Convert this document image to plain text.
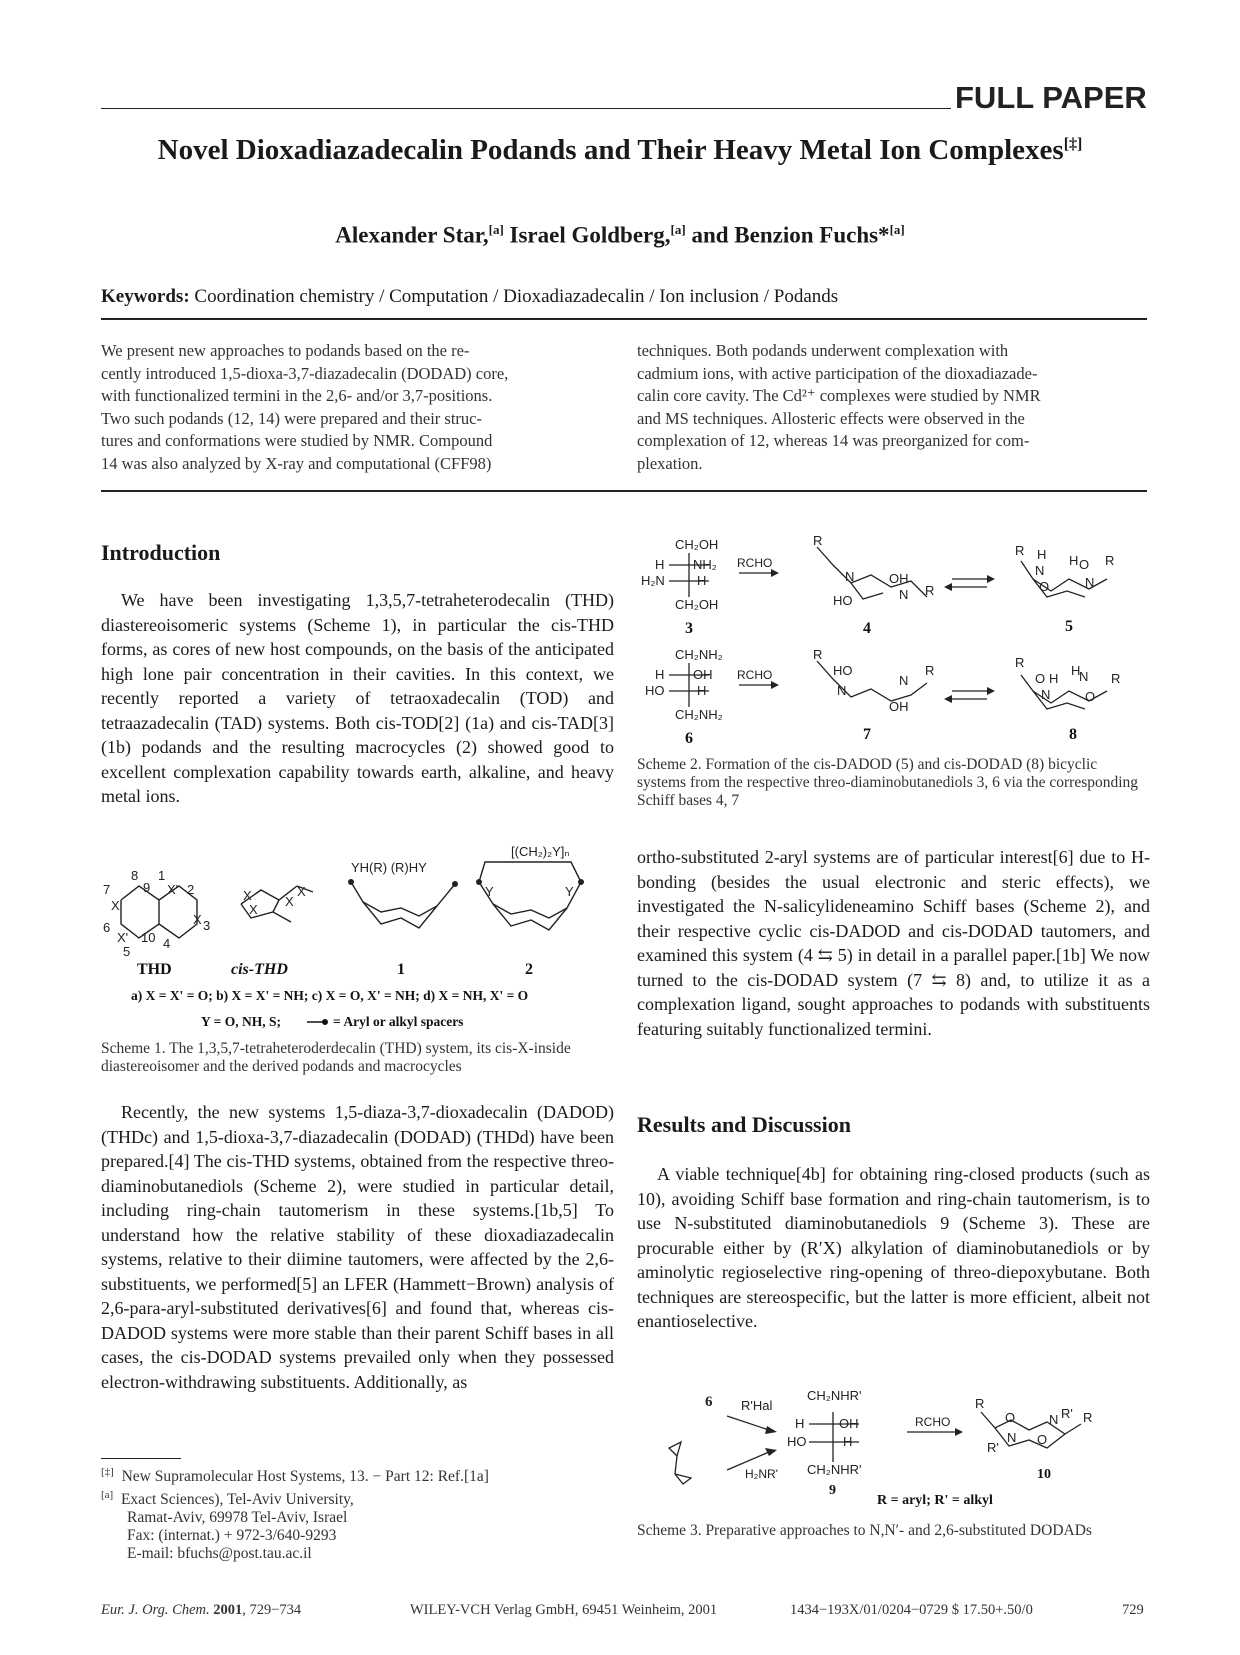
FULL PAPER
Novel Dioxadiazadecalin Podands and Their Heavy Metal Ion Complexes[‡]
Alexander Star,[a] Israel Goldberg,[a] and Benzion Fuchs*[a]
Keywords: Coordination chemistry / Computation / Dioxadiazadecalin / Ion inclusion / Podands

We present new approaches to podands based on the re-

cently introduced 1,5-dioxa-3,7-diazadecalin (DODAD) core,

with functionalized termini in the 2,6- and/or 3,7-positions.

Two such podands (12, 14) were prepared and their struc-

tures and conformations were studied by NMR. Compound

14 was also analyzed by X-ray and computational (CFF98)

techniques. Both podands underwent complexation with

cadmium ions, with active participation of the dioxadiazade-

calin core cavity. The Cd²⁺ complexes were studied by NMR

and MS techniques. Allosteric effects were observed in the

complexation of 12, whereas 14 was preorganized for com-

plexation.

Introduction

We have been investigating 1,3,5,7-tetraheterodecalin (THD) diastereoisomeric systems (Scheme 1), in particular the cis-THD forms, as cores of new host compounds, on the basis of the anticipated high lone pair concentration in their cavities. In this context, we recently reported a variety of tetraoxadecalin (TOD) and tetraazadecalin (TAD) systems. Both cis-TOD[2] (1a) and cis-TAD[3] (1b) podands and the resulting macrocycles (2) showed good to excellent complexation capability towards earth, alkaline, and heavy metal ions.

8 1
9
7	X' 2
X
X 3
6
X' 10
5
4
X
X
X
X
YH(R) (R)HY
[(CH₂)₂Y]ₙ
Y	Y
THD	cis-THD	1	2
a) X = X' = O; b) X = X' = NH; c) X = O, X' = NH; d) X = NH, X' = O
Y = O, NH, S;	= Aryl or alkyl spacers
Scheme 1. The 1,3,5,7-tetraheteroderdecalin (THD) system, its cis-X-inside diastereoisomer and the derived podands and macrocycles

Recently, the new systems 1,5-diaza-3,7-dioxadecalin (DADOD) (THDc) and 1,5-dioxa-3,7-diazadecalin (DODAD) (THDd) have been prepared.[4] The cis-THD systems, obtained from the respective threo-diaminobutanediols (Scheme 2), were studied in particular detail, including ring-chain tautomerism in these systems.[1b,5] To understand how the relative stability of these dioxadiazadecalin systems, relative to their diimine tautomers, were affected by the 2,6-substituents, we performed[5] an LFER (Hammett−Brown) analysis of 2,6-para-aryl-substituted derivatives[6] and found that, whereas cis-DADOD systems were more stable than their parent Schiff bases in all cases, the cis-DODAD systems prevailed only when they possessed electron-withdrawing substituents. Additionally, as

[‡] New Supramolecular Host Systems, 13. − Part 12: Ref.[1a]
[a] Exact Sciences), Tel-Aviv University,
Ramat-Aviv, 69978 Tel-Aviv, Israel
Fax: (internat.) + 972-3/640-9293
E-mail: bfuchs@post.tau.ac.il
CH₂OH
H NH₂
H₂N H
CH₂OH
CH₂NH₂
H OH
HO	H
CH₂NH₂
RCHO
RCHO
R
N	OH
HO	N R
R H
N
O
H O R
N
R
HO
N
R
N
OH
R
O H
H
N
N
R
O
3	4	5
6	7	8
Scheme 2. Formation of the cis-DADOD (5) and cis-DODAD (8) bicyclic systems from the respective threo-diaminobutanediols 3, 6 via the corresponding Schiff bases 4, 7

ortho-substituted 2-aryl systems are of particular interest[6] due to H-bonding (besides the usual electronic and steric effects), we investigated the N-salicylideneamino Schiff bases (Scheme 2), and their respective cyclic cis-DADOD and cis-DODAD tautomers, and examined this system (4 ⇆ 5) in detail in a parallel paper.[1b] We now turned to the cis-DODAD system (7 ⇆ 8) and, to utilize it as a complexation ligand, sought approaches to podands with substituents featuring suitably functionalized termini.

Results and Discussion

A viable technique[4b] for obtaining ring-closed products (such as 10), avoiding Schiff base formation and ring-chain tautomerism, is to use N-substituted diaminobutanediols 9 (Scheme 3). These are procurable either by (R′X) alkylation of diaminobutanediols or by aminolytic regioselective ring-opening of threo-diepoxybutane. Both techniques are stereospecific, but the latter is more efficient, albeit not enantioselective.

6 R'Hal
H₂NR'
CH₂NHR'
H	OH
HO	H
CH₂NHR'
RCHO
R
O
N
R'
R
R'
N
O
9
10
R = aryl; R' = alkyl
Scheme 3. Preparative approaches to N,N′- and 2,6-substituted DODADs
Eur. J. Org. Chem. 2001, 729−734	WILEY-VCH Verlag GmbH, 69451 Weinheim, 2001	1434−193X/01/0204−0729 $ 17.50+.50/0	729
